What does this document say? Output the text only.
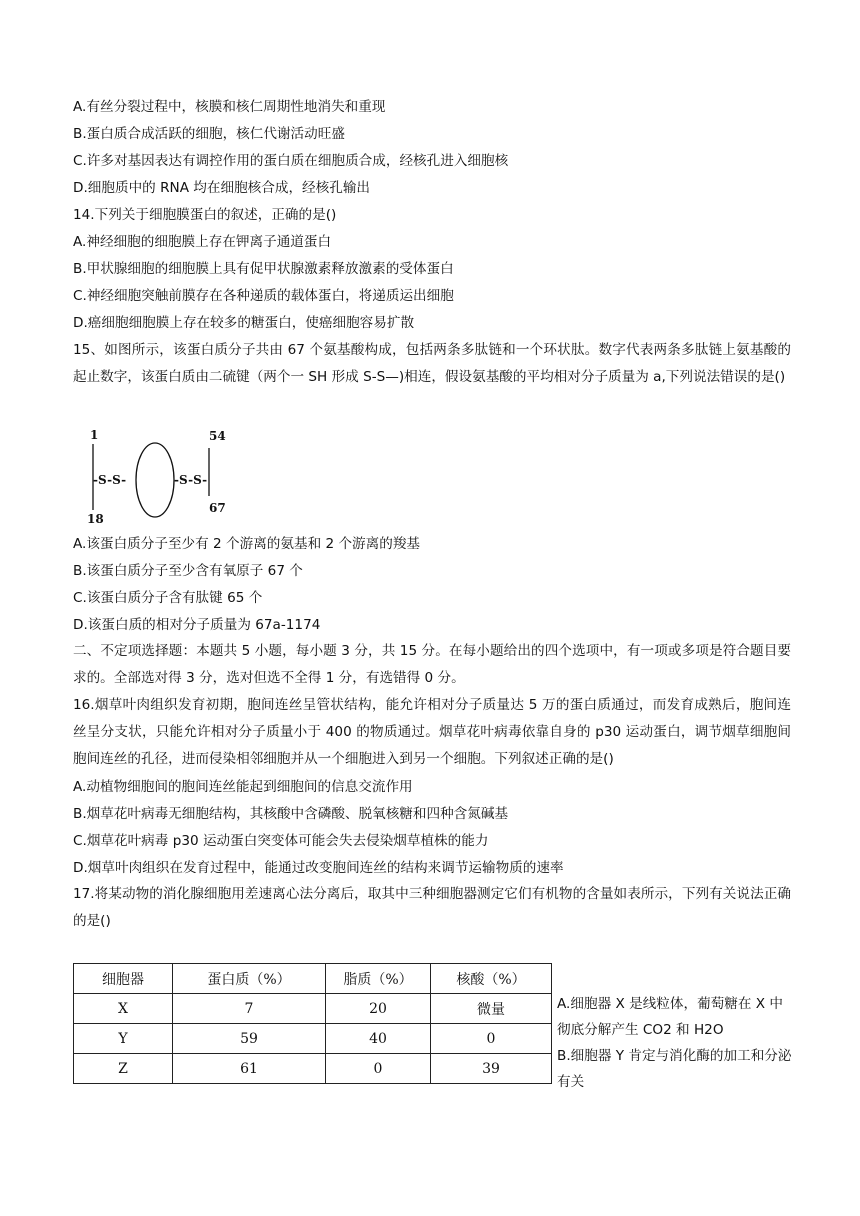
A.有丝分裂过程中，核膜和核仁周期性地消失和重现
B.蛋白质合成活跃的细胞，核仁代谢活动旺盛
C.许多对基因表达有调控作用的蛋白质在细胞质合成，经核孔进入细胞核
D.细胞质中的 RNA 均在细胞核合成，经核孔输出
14.下列关于细胞膜蛋白的叙述，正确的是()
A.神经细胞的细胞膜上存在钾离子通道蛋白
B.甲状腺细胞的细胞膜上具有促甲状腺激素释放激素的受体蛋白
C.神经细胞突触前膜存在各种递质的载体蛋白，将递质运出细胞
D.癌细胞细胞膜上存在较多的糖蛋白，使癌细胞容易扩散
15、如图所示，该蛋白质分子共由 67 个氨基酸构成，包括两条多肽链和一个环状肽。数字代表两条多肽链上氨基酸的起止数字，该蛋白质由二硫键（两个一 SH 形成 S-S—)相连，假设氨基酸的平均相对分子质量为 a,下列说法错误的是()
1
18
54
67
-S-S-	-S-S-
A.该蛋白质分子至少有 2 个游离的氨基和 2 个游离的羧基
B.该蛋白质分子至少含有氧原子 67 个
C.该蛋白质分子含有肽键 65 个
D.该蛋白质的相对分子质量为 67a-1174
二、不定项选择题：本题共 5 小题，每小题 3 分，共 15 分。在每小题给出的四个选项中，有一项或多项是符合题目要求的。全部选对得 3 分，选对但选不全得 1 分，有选错得 0 分。
16.烟草叶肉组织发育初期，胞间连丝呈管状结构，能允许相对分子质量达 5 万的蛋白质通过，而发育成熟后，胞间连丝呈分支状，只能允许相对分子质量小于 400 的物质通过。烟草花叶病毒依靠自身的 p30 运动蛋白，调节烟草细胞间胞间连丝的孔径，进而侵染相邻细胞并从一个细胞进入到另一个细胞。下列叙述正确的是()
A.动植物细胞间的胞间连丝能起到细胞间的信息交流作用
B.烟草花叶病毒无细胞结构，其核酸中含磷酸、脱氧核糖和四种含氮碱基
C.烟草花叶病毒 p30 运动蛋白突变体可能会失去侵染烟草植株的能力
D.烟草叶肉组织在发育过程中，能通过改变胞间连丝的结构来调节运输物质的速率
17.将某动物的消化腺细胞用差速离心法分离后，取其中三种细胞器测定它们有机物的含量如表所示，下列有关说法正确的是()
细胞器	蛋白质（%）	脂质（%）	核酸（%）
X	7	20	微量
Y	59	40	0
Z	61	0	39
A.细胞器 X 是线粒体，葡萄糖在 X 中彻底分解产生 CO2 和 H2O
B.细胞器 Y 肯定与消化酶的加工和分泌有关
